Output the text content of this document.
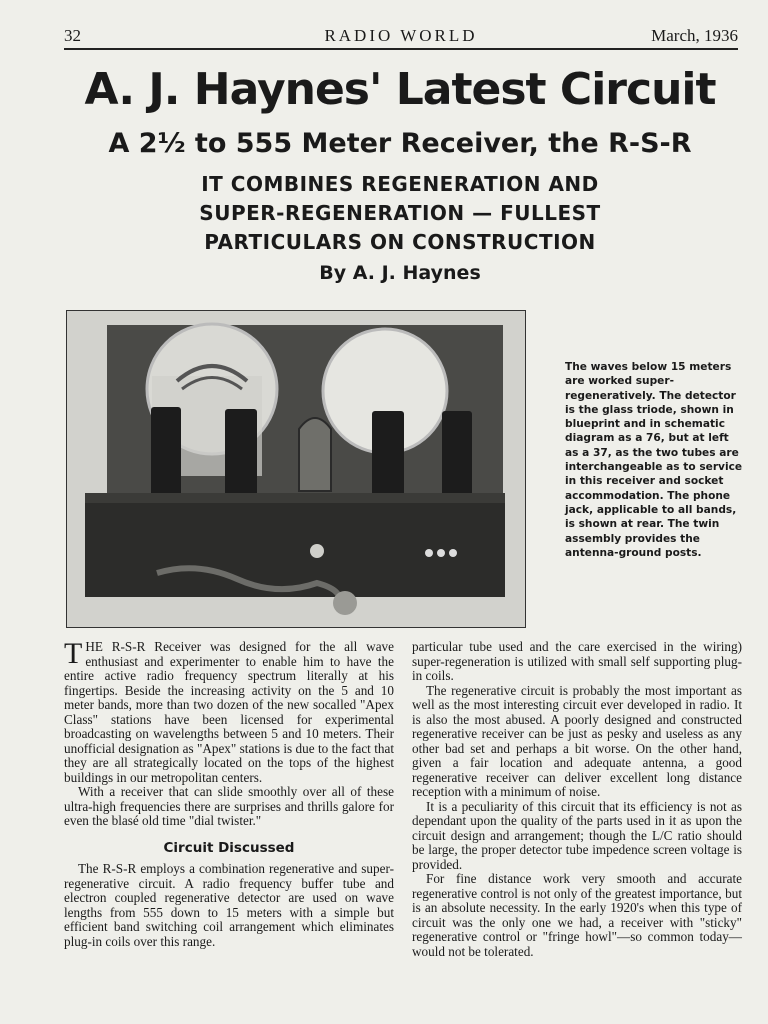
32	RADIO WORLD	March, 1936
A. J. Haynes' Latest Circuit
A 2½ to 555 Meter Receiver, the R-S-R
IT COMBINES REGENERATION AND
SUPER-REGENERATION — FULLEST
PARTICULARS ON CONSTRUCTION
By A. J. Haynes
The waves below 15 meters are worked super-regeneratively. The detector is the glass triode, shown in blueprint and in schematic diagram as a 76, but at left as a 37, as the two tubes are interchangeable as to service in this receiver and socket accommodation. The phone jack, applicable to all bands, is shown at rear. The twin assembly provides the antenna-ground posts.

THE R-S-R Receiver was designed for the all wave enthusiast and experimenter to enable him to have the entire active radio frequency spectrum literally at his fingertips. Beside the increasing activity on the 5 and 10 meter bands, more than two dozen of the new socalled "Apex Class" stations have been licensed for experimental broadcasting on wavelengths between 5 and 10 meters. Their unofficial designation as "Apex" stations is due to the fact that they are all strategically located on the tops of the highest buildings in our metropolitan centers.

With a receiver that can slide smoothly over all of these ultra-high frequencies there are surprises and thrills galore for even the blasé old time "dial twister."

Circuit Discussed

The R-S-R employs a combination regenerative and super-regenerative circuit. A radio frequency buffer tube and electron coupled regenerative detector are used on wave lengths from 555 down to 15 meters with a simple but efficient band switching coil arrangement which eliminates plug-in coils over this range.

particular tube used and the care exercised in the wiring) super-regeneration is utilized with small self supporting plug-in coils.

The regenerative circuit is probably the most important as well as the most interesting circuit ever developed in radio. It is also the most abused. A poorly designed and constructed regenerative receiver can be just as pesky and useless as any other bad set and perhaps a bit worse. On the other hand, given a fair location and adequate antenna, a good regenerative receiver can deliver excellent long distance reception with a minimum of noise.

It is a peculiarity of this circuit that its efficiency is not as dependant upon the quality of the parts used in it as upon the circuit design and arrangement; though the L/C ratio should be large, the proper detector tube impedence screen voltage is provided.

For fine distance work very smooth and accurate regenerative control is not only of the greatest importance, but is an absolute necessity. In the early 1920's when this type of circuit was the only one we had, a receiver with "sticky" regenerative control or "fringe howl"—so common today—would not be tolerated.
